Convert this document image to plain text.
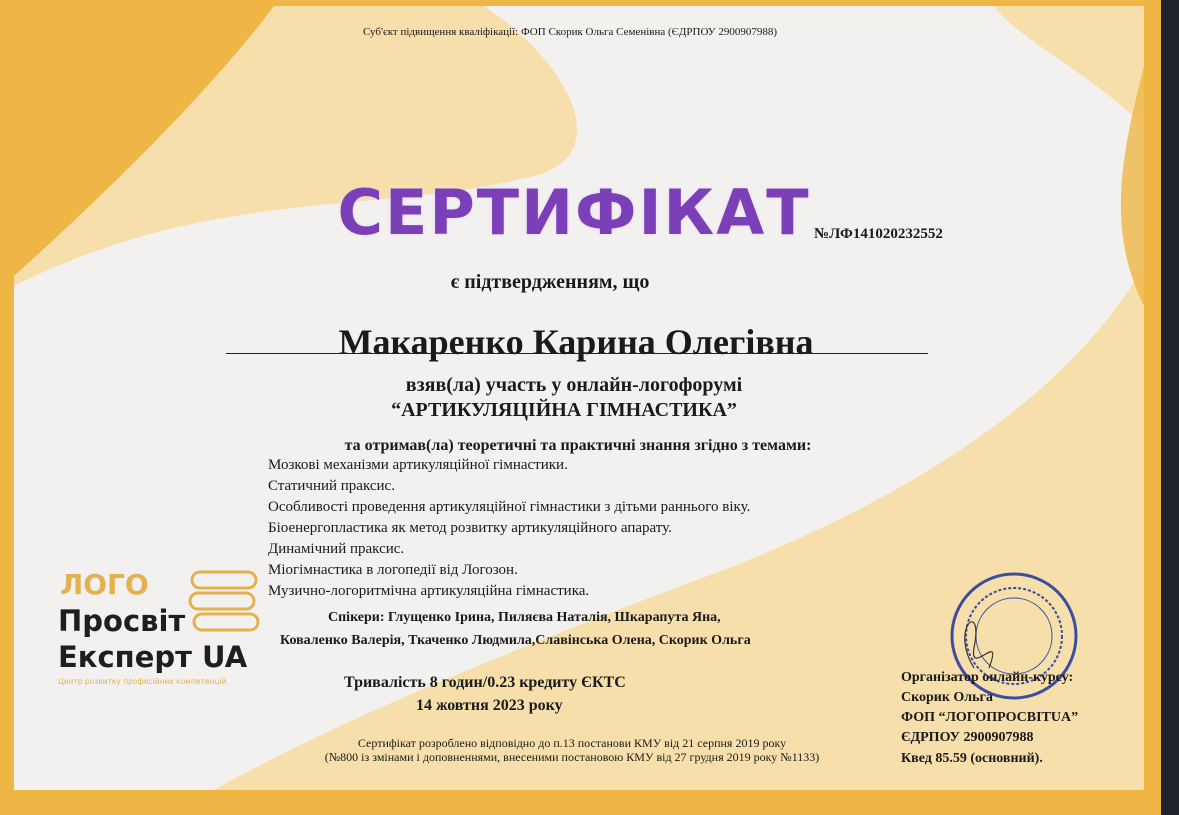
Суб'єкт підвищення кваліфікації: ФОП Скорик Ольга Семенівна (ЄДРПОУ 2900907988)
СЕРТИФІКАТ №ЛФ141020232552
є підтвердженням, що
Макаренко Карина Олегівна
взяв(ла) участь у онлайн-логофорумі
“АРТИКУЛЯЦІЙНА ГІМНАСТИКА”
та отримав(ла) теоретичні та практичні знання згідно з темами:
Мозкові механізми артикуляційної гімнастики.
Статичний праксис.
Особливості проведення артикуляційної гімнастики з дітьми раннього віку.
Біоенергопластика як метод розвитку артикуляційного апарату.
Динамічний праксис.
Міогімнастика в логопедії від Логозон.
Музично-логоритмічна артикуляційна гімнастика.
Спікери: Глущенко Ірина, Пиляєва Наталія, Шкарапута Яна,
Коваленко Валерія, Ткаченко Людмила,Славінська Олена, Скорик Ольга
Тривалість 8 годин/0.23 кредиту ЄКТС
14 жовтня 2023 року
Сертифікат розроблено відповідно до п.13 постанови КМУ від 21 серпня 2019 року
(№800 із змінами і доповненнями, внесеними постановою КМУ від 27 грудня 2019 року №1133)
ЛОГО
Просвіт
Експерт UA
Центр розвитку професійних компетенцій	Організатор онлайн-курсу:
Скорик Ольга
ФОП “ЛОГОПРОСВІТUA”
ЄДРПОУ 2900907988
Квед 85.59 (основний).
